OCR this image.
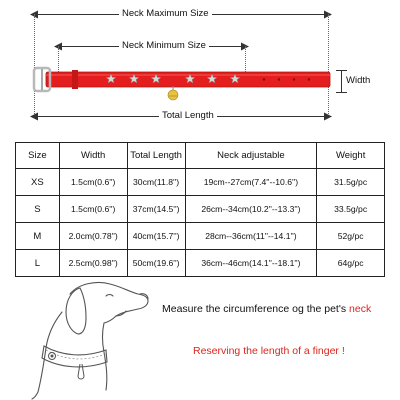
Neck Maximum Size
Neck Minimum Size
Width
Total Length
Size	Width	Total Length	Neck adjustable	Weight
XS	1.5cm(0.6'')	30cm(11.8'')	19cm--27cm(7.4''--10.6'')	31.5g/pc
S	1.5cm(0.6'')	37cm(14.5'')	26cm--34cm(10.2''--13.3'')	33.5g/pc
M	2.0cm(0.78'')	40cm(15.7'')	28cm--36cm(11''--14.1'')	52g/pc
L	2.5cm(0.98'')	50cm(19.6'')	36cm--46cm(14.1''--18.1'')	64g/pc
Measure the circumference og the pet's neck
Reserving the length of a finger !
